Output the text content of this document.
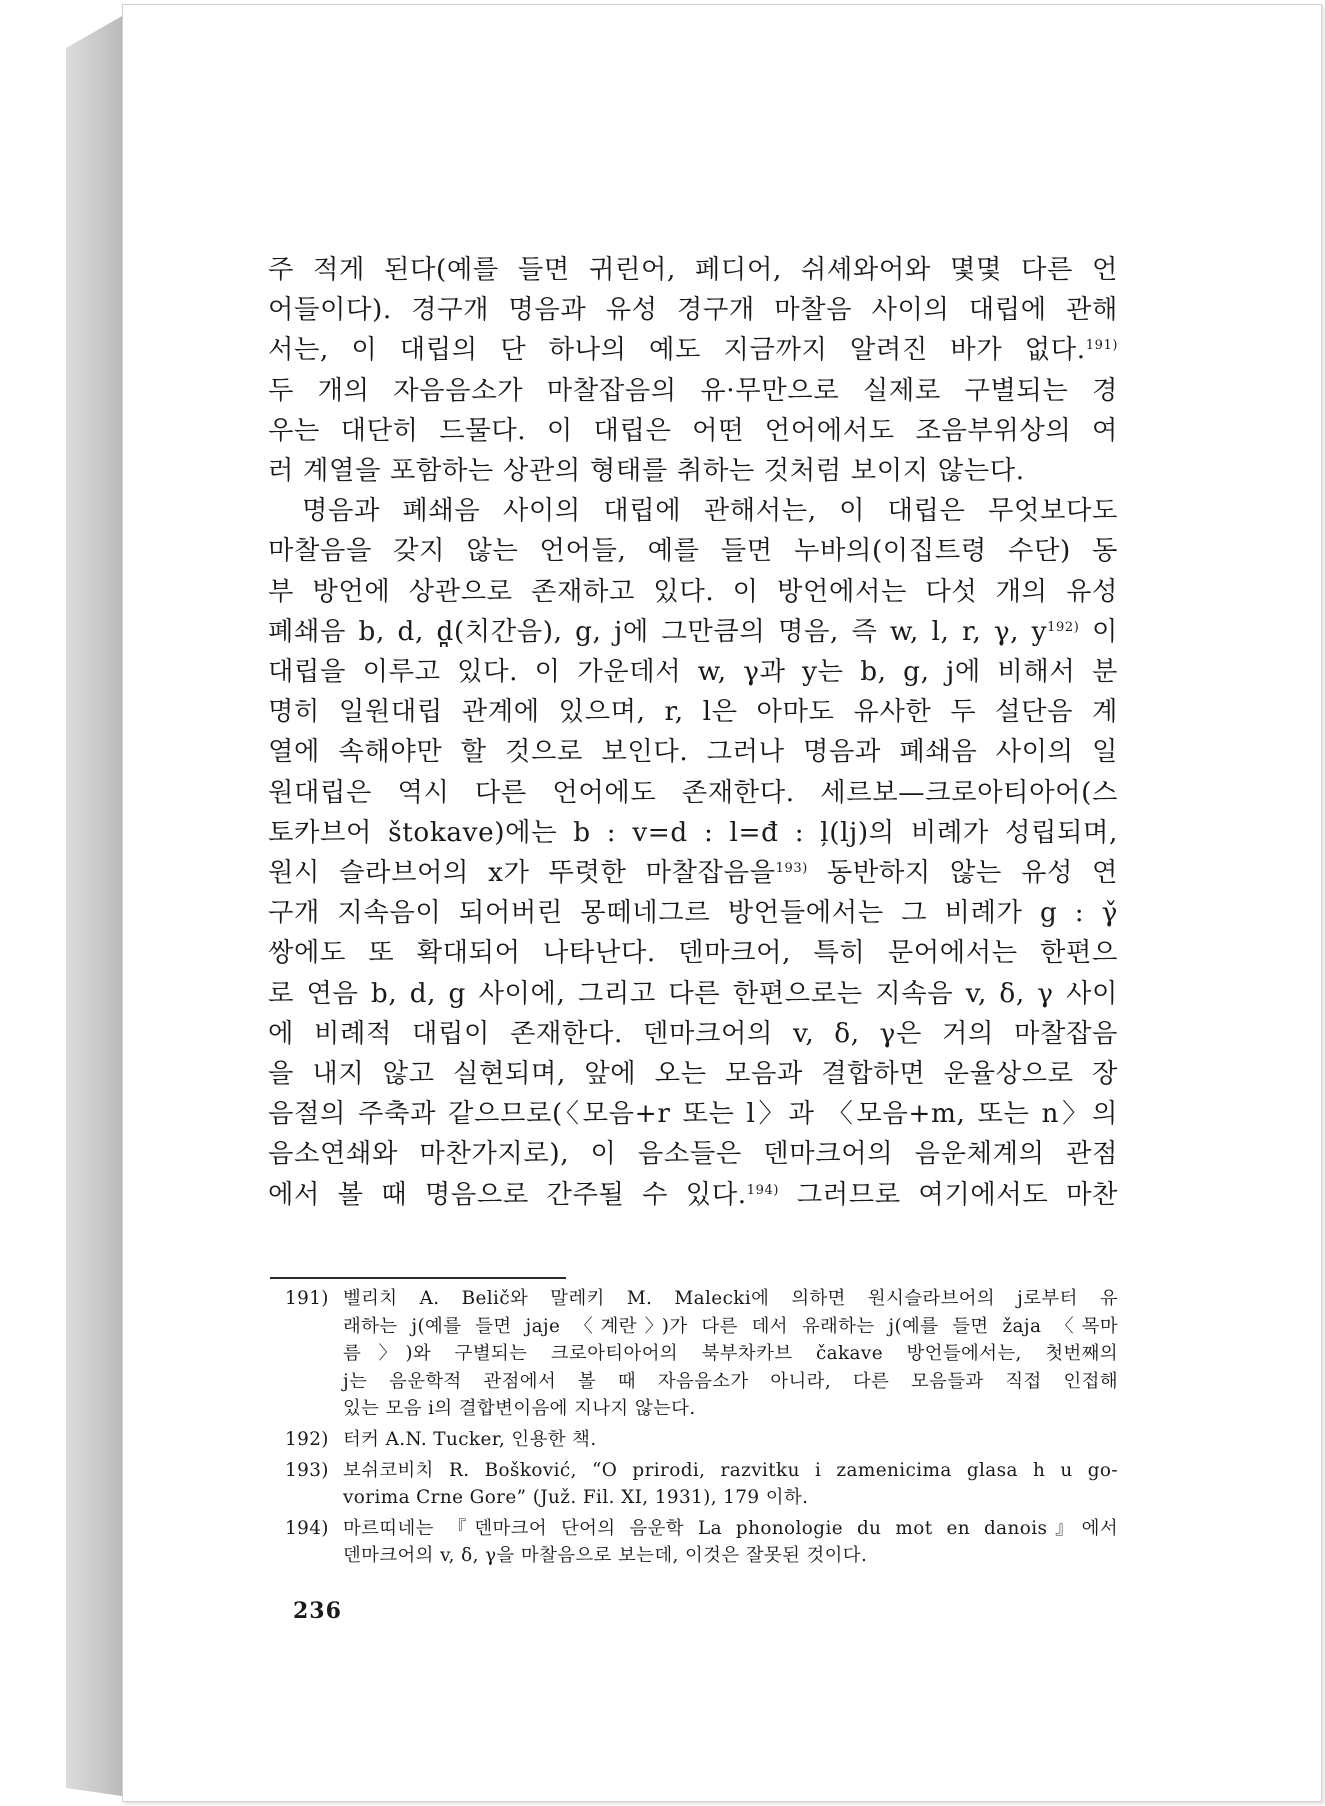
주 적게 된다(예를 들면 귀린어, 페디어, 쉬셰와어와 몇몇 다른 언
어들이다). 경구개 명음과 유성 경구개 마찰음 사이의 대립에 관해
서는, 이 대립의 단 하나의 예도 지금까지 알려진 바가 없다.$^{191)}$
두 개의 자음음소가 마찰잡음의 유·무만으로 실제로 구별되는 경
우는 대단히 드물다. 이 대립은 어떤 언어에서도 조음부위상의 여
러 계열을 포함하는 상관의 형태를 취하는 것처럼 보이지 않는다.

명음과 폐쇄음 사이의 대립에 관해서는, 이 대립은 무엇보다도
마찰음을 갖지 않는 언어들, 예를 들면 누바의(이집트령 수단) 동
부 방언에 상관으로 존재하고 있다. 이 방언에서는 다섯 개의 유성
폐쇄음 b, d, d̪(치간음), g, j에 그만큼의 명음, 즉 w, l, r, γ, $y^{192)}$ 이
대립을 이루고 있다. 이 가운데서 w, γ과 y는 b, g, j에 비해서 분
명히 일원대립 관계에 있으며, r, l은 아마도 유사한 두 설단음 계
열에 속해야만 할 것으로 보인다. 그러나 명음과 폐쇄음 사이의 일
원대립은 역시 다른 언어에도 존재한다. 세르보—크로아티아어(스
토카브어 štokave)에는 b : v=d : l=đ : ļ(lj)의 비례가 성립되며,
원시 슬라브어의 x가 뚜렷한 마찰잡음을$^{193)}$ 동반하지 않는 유성 연
구개 지속음이 되어버린 몽떼네그르 방언들에서는 그 비례가 g : γ̌
쌍에도 또 확대되어 나타난다. 덴마크어, 특히 문어에서는 한편으
로 연음 b, d, g 사이에, 그리고 다른 한편으로는 지속음 v, δ, γ 사이
에 비례적 대립이 존재한다. 덴마크어의 v, δ, γ은 거의 마찰잡음
을 내지 않고 실현되며, 앞에 오는 모음과 결합하면 운율상으로 장
음절의 주축과 같으므로(〈모음+r 또는 l〉과 〈모음+m, 또는 n〉의
음소연쇄와 마찬가지로), 이 음소들은 덴마크어의 음운체계의 관점
에서 볼 때 명음으로 간주될 수 있다.$^{194)}$ 그러므로 여기에서도 마찬

191) 벨리치 A. Belič와 말레키 M. Malecki에 의하면 원시슬라브어의 j로부터 유
래하는 j(예를 들면 jaje 〈계란〉)가 다른 데서 유래하는 j(예를 들면 žaja 〈목마
름〉)와 구별되는 크로아티아어의 북부차카브 čakave 방언들에서는, 첫번째의
j는 음운학적 관점에서 볼 때 자음음소가 아니라, 다른 모음들과 직접 인접해
있는 모음 i의 결합변이음에 지나지 않는다.
192) 터커 A.N. Tucker, 인용한 책.
193) 보쉬코비치 R. Bošković, “O prirodi, razvitku i zamenicima glasa h u go-
vorima Crne Gore” (Juž. Fil. XI, 1931), 179 이하.
194) 마르띠네는 『덴마크어 단어의 음운학 La phonologie du mot en danois』에서
덴마크어의 v, δ, γ을 마찰음으로 보는데, 이것은 잘못된 것이다.
236
